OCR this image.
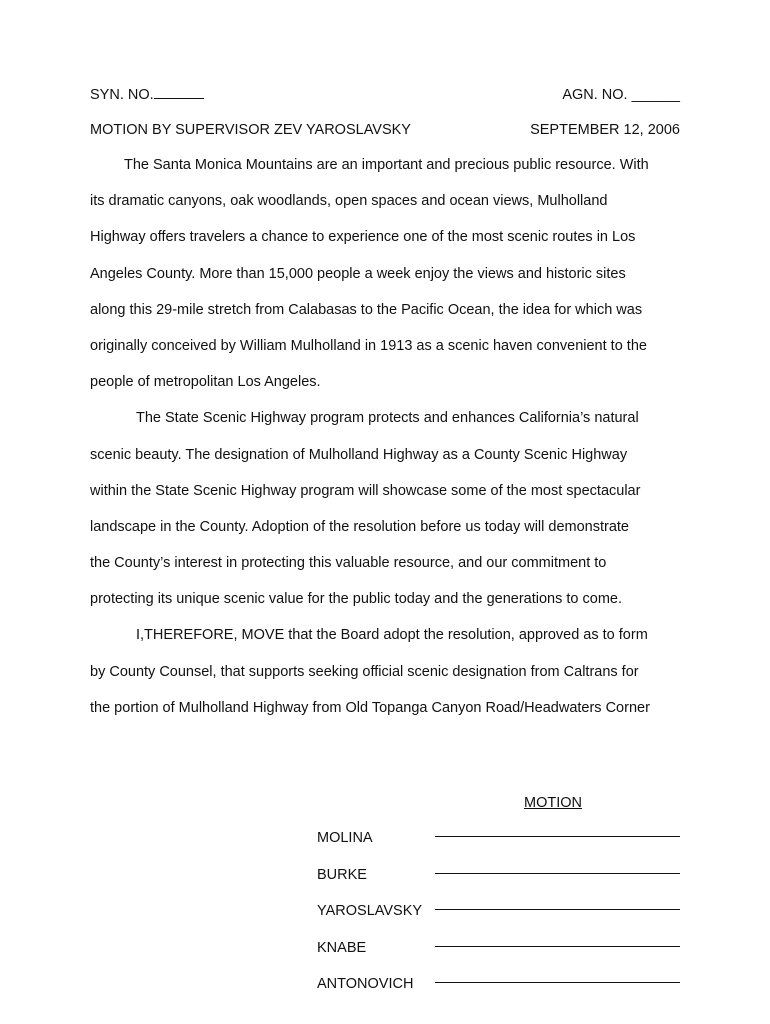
SYN. NO.	AGN. NO. ______
MOTION BY SUPERVISOR ZEV YAROSLAVSKY	SEPTEMBER 12, 2006
The Santa Monica Mountains are an important and precious public resource. With
its dramatic canyons, oak woodlands, open spaces and ocean views, Mulholland
Highway offers travelers a chance to experience one of the most scenic routes in Los
Angeles County. More than 15,000 people a week enjoy the views and historic sites
along this 29-mile stretch from Calabasas to the Pacific Ocean, the idea for which was
originally conceived by William Mulholland in 1913 as a scenic haven convenient to the
people of metropolitan Los Angeles.
The State Scenic Highway program protects and enhances California’s natural
scenic beauty. The designation of Mulholland Highway as a County Scenic Highway
within the State Scenic Highway program will showcase some of the most spectacular
landscape in the County. Adoption of the resolution before us today will demonstrate
the County’s interest in protecting this valuable resource, and our commitment to
protecting its unique scenic value for the public today and the generations to come.
I,THEREFORE, MOVE that the Board adopt the resolution, approved as to form
by County Counsel, that supports seeking official scenic designation from Caltrans for
the portion of Mulholland Highway from Old Topanga Canyon Road/Headwaters Corner
MOTION
MOLINA
BURKE
YAROSLAVSKY
KNABE
ANTONOVICH
